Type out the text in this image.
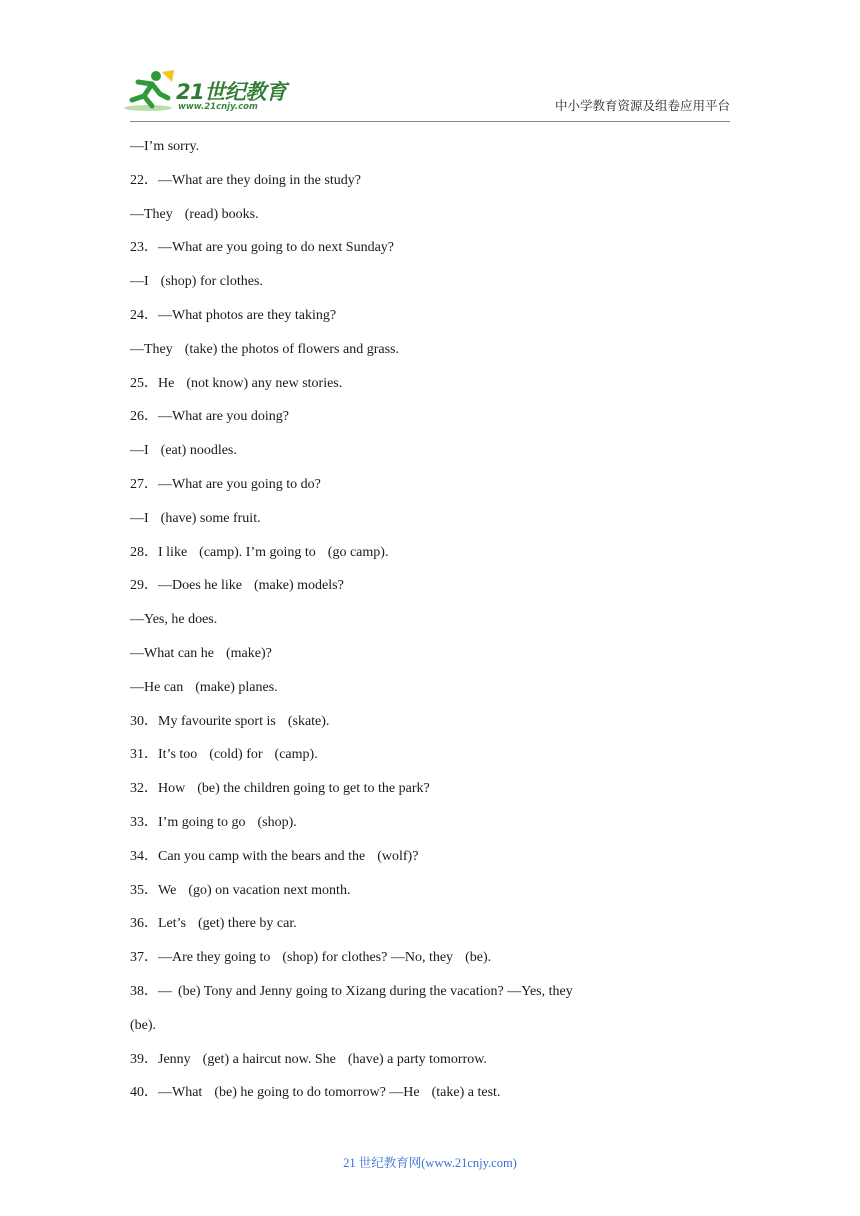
21世纪教育
www.21cnjy.com	中小学教育资源及组卷应用平台
—I’m sorry.
22．—What are they doing in the study?
—They (read) books.
23．—What are you going to do next Sunday?
—I (shop) for clothes.
24．—What photos are they taking?
—They (take) the photos of flowers and grass.
25．He (not know) any new stories.
26．—What are you doing?
—I (eat) noodles.
27．—What are you going to do?
—I (have) some fruit.
28．I like (camp). I’m going to (go camp).
29．—Does he like (make) models?
—Yes, he does.
—What can he (make)?
—He can (make) planes.
30．My favourite sport is (skate).
31．It’s too (cold) for (camp).
32．How (be) the children going to get to the park?
33．I’m going to go (shop).
34．Can you camp with the bears and the (wolf)?
35．We (go) on vacation next month.
36．Let’s (get) there by car.
37．—Are they going to (shop) for clothes? —No, they (be).
38．— (be) Tony and Jenny going to Xizang during the vacation? —Yes, they
(be).
39．Jenny (get) a haircut now. She (have) a party tomorrow.
40．—What (be) he going to do tomorrow? —He (take) a test.
21 世纪教育网(www.21cnjy.com)
